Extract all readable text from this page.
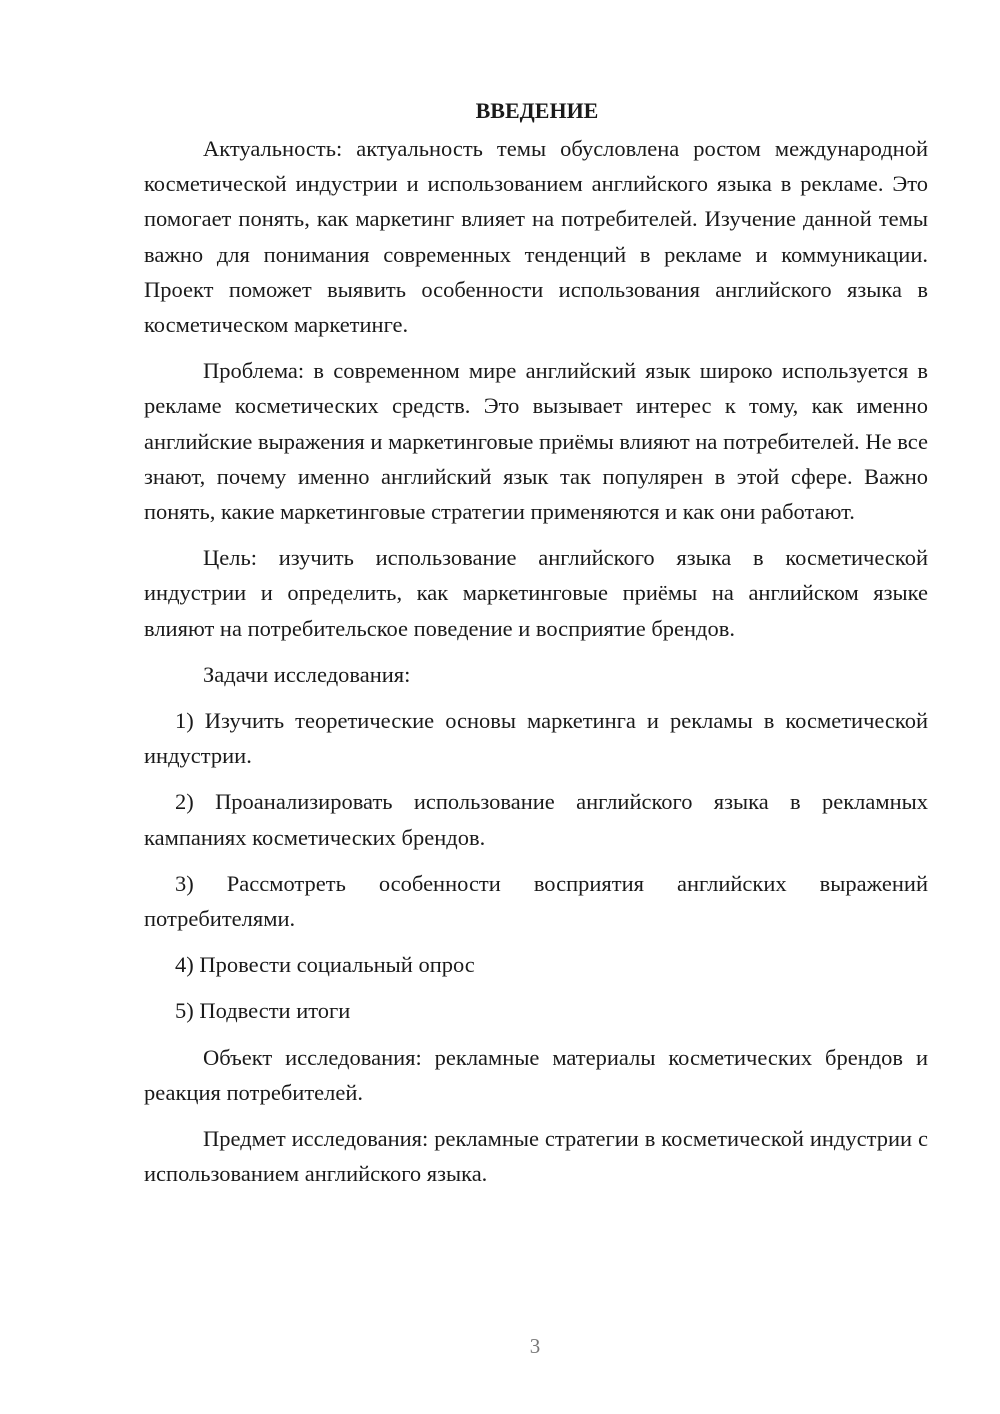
ВВЕДЕНИЕ

Актуальность: актуальность темы обусловлена ростом международной косметической индустрии и использованием английского языка в рекламе. Это помогает понять, как маркетинг влияет на потребителей. Изучение данной темы важно для понимания современных тенденций в рекламе и коммуникации. Проект поможет выявить особенности использования английского языка в косметическом маркетинге.

Проблема: в современном мире английский язык широко используется в рекламе косметических средств. Это вызывает интерес к тому, как именно английские выражения и маркетинговые приёмы влияют на потребителей. Не все знают, почему именно английский язык так популярен в этой сфере. Важно понять, какие маркетинговые стратегии применяются и как они работают.

Цель: изучить использование английского языка в косметической индустрии и определить, как маркетинговые приёмы на английском языке влияют на потребительское поведение и восприятие брендов.

Задачи исследования:

1) Изучить теоретические основы маркетинга и рекламы в косметической индустрии.

2) Проанализировать использование английского языка в рекламных кампаниях косметических брендов.

3) Рассмотреть особенности восприятия английских выражений потребителями.

4) Провести социальный опрос

5) Подвести итоги

Объект исследования: рекламные материалы косметических брендов и реакция потребителей.

Предмет исследования: рекламные стратегии в косметической индустрии с использованием английского языка.

3
